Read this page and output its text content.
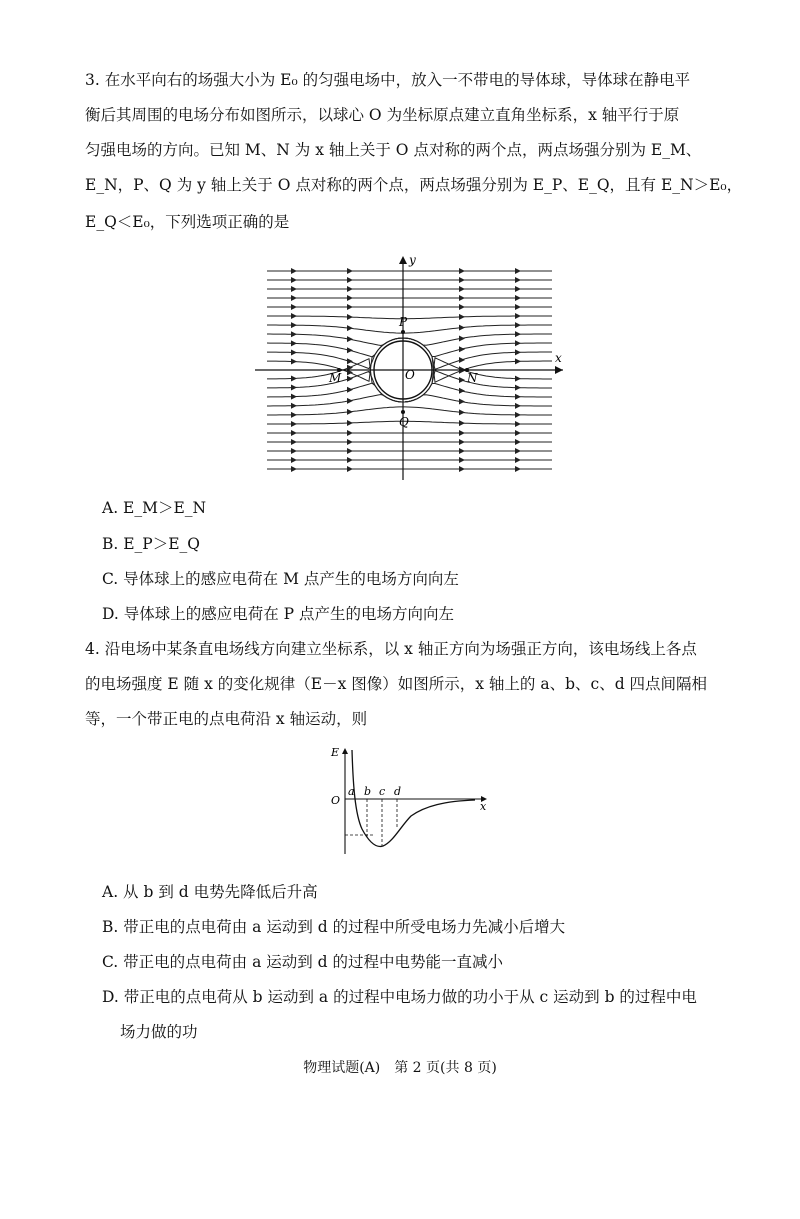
3. 在水平向右的场强大小为 E₀ 的匀强电场中，放入一不带电的导体球，导体球在静电平
衡后其周围的电场分布如图所示，以球心 O 为坐标原点建立直角坐标系，x 轴平行于原
匀强电场的方向。已知 M、N 为 x 轴上关于 O 点对称的两个点，两点场强分别为 E_M、
E_N，P、Q 为 y 轴上关于 O 点对称的两个点，两点场强分别为 E_P、E_Q，且有 E_N＞E₀，
E_Q＜E₀，下列选项正确的是
x
y
O
M	N
P
Q
A. E_M＞E_N
B. E_P＞E_Q
C. 导体球上的感应电荷在 M 点产生的电场方向向左
D. 导体球上的感应电荷在 P 点产生的电场方向向左
4. 沿电场中某条直电场线方向建立坐标系，以 x 轴正方向为场强正方向，该电场线上各点
的电场强度 E 随 x 的变化规律（E－x 图像）如图所示，x 轴上的 a、b、c、d 四点间隔相
等，一个带正电的点电荷沿 x 轴运动，则
E
x
O
a b c d
A. 从 b 到 d 电势先降低后升高
B. 带正电的点电荷由 a 运动到 d 的过程中所受电场力先减小后增大
C. 带正电的点电荷由 a 运动到 d 的过程中电势能一直减小
D. 带正电的点电荷从 b 运动到 a 的过程中电场力做的功小于从 c 运动到 b 的过程中电
场力做的功
物理试题(A)　第 2 页(共 8 页)
